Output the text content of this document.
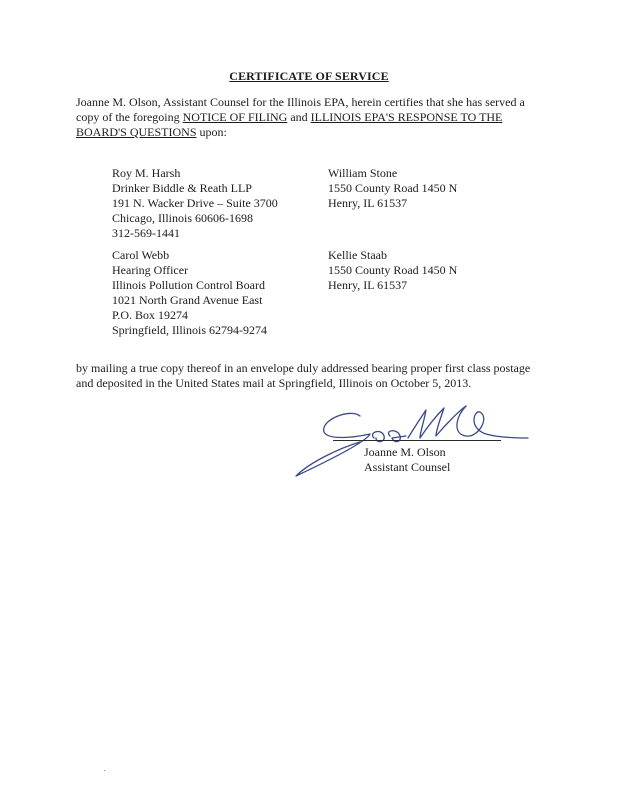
CERTIFICATE OF SERVICE
Joanne M. Olson, Assistant Counsel for the Illinois EPA, herein certifies that she has served a copy of the foregoing NOTICE OF FILING and ILLINOIS EPA'S RESPONSE TO THE BOARD'S QUESTIONS upon:
Roy M. Harsh
Drinker Biddle & Reath LLP
191 N. Wacker Drive – Suite 3700
Chicago, Illinois 60606-1698
312-569-1441
William Stone
1550 County Road 1450 N
Henry, IL 61537
Carol Webb
Hearing Officer
Illinois Pollution Control Board
1021 North Grand Avenue East
P.O. Box 19274
Springfield, Illinois 62794-9274
Kellie Staab
1550 County Road 1450 N
Henry, IL 61537
by mailing a true copy thereof in an envelope duly addressed bearing proper first class postage and deposited in the United States mail at Springfield, Illinois on October 5, 2013.
Joanne M. Olson
Assistant Counsel
